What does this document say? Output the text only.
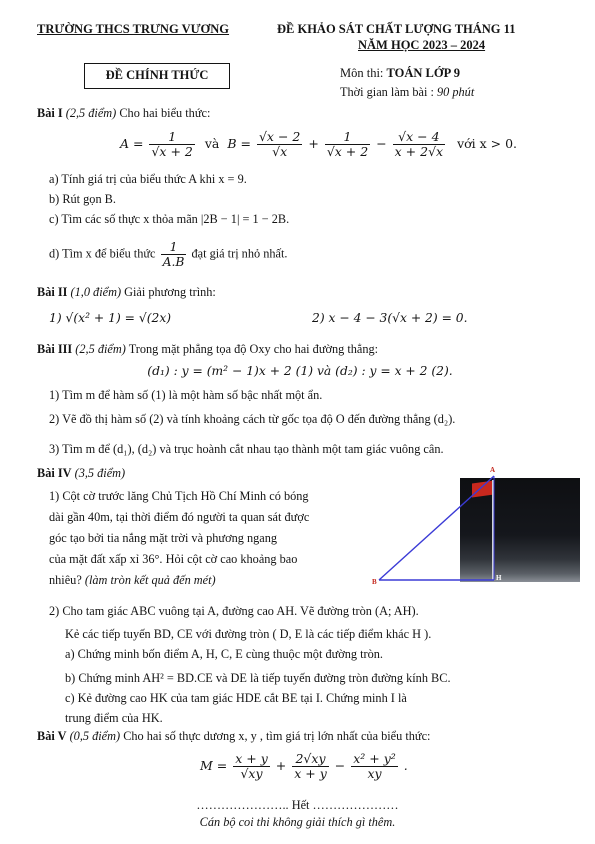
TRƯỜNG THCS TRƯNG VƯƠNG	ĐỀ KHẢO SÁT CHẤT LƯỢNG THÁNG 11
NĂM HỌC 2023 – 2024
ĐỀ CHÍNH THỨC	Môn thi: TOÁN LỚP 9
Thời gian làm bài : 90 phút
Bài I (2,5 điểm) Cho hai biểu thức:
$A = \frac{1}{√x + 2}$ và $B = \frac{√x - 2}{√x} + \frac{1}{√x + 2} - \frac{√x - 4}{x + 2√x}$ với x > 0.
a) Tính giá trị của biểu thức A khi x = 9.
b) Rút gọn B.
c) Tìm các số thực x thỏa mãn |2B − 1| = 1 − 2B.
d) Tìm x để biểu thức $\frac{1}{A.B}$ đạt giá trị nhỏ nhất.
Bài II (1,0 điểm) Giải phương trình:
1) √(x² + 1) = √(2x)	2) x − 4 − 3(√x + 2) = 0.
Bài III (2,5 điểm) Trong mặt phẳng tọa độ Oxy cho hai đường thẳng:
(d₁) : y = (m² − 1)x + 2 (1) và (d₂) : y = x + 2 (2).
1) Tìm m để hàm số (1) là một hàm số bậc nhất một ẩn.
2) Vẽ đồ thị hàm số (2) và tính khoảng cách từ gốc tọa độ O đến đường thẳng (d₂).
3) Tìm m để (d₁), (d₂) và trục hoành cắt nhau tạo thành một tam giác vuông cân.
Bài IV (3,5 điểm)
1) Cột cờ trước lăng Chủ Tịch Hồ Chí Minh có bóng
dài gần 40m, tại thời điểm đó người ta quan sát được
góc tạo bởi tia nắng mặt trời và phương ngang
của mặt đất xấp xỉ 36°. Hỏi cột cờ cao khoảng bao
nhiêu? (làm tròn kết quả đến mét)
A
B	H
2) Cho tam giác ABC vuông tại A, đường cao AH. Vẽ đường tròn (A; AH).
Kẻ các tiếp tuyến BD, CE với đường tròn ( D, E là các tiếp điểm khác H ).
a) Chứng minh bốn điểm A, H, C, E cùng thuộc một đường tròn.
b) Chứng minh AH² = BD.CE và DE là tiếp tuyến đường tròn đường kính BC.
c) Kẻ đường cao HK của tam giác HDE cắt BE tại I. Chứng minh I là
trung điểm của HK.
Bài V (0,5 điểm) Cho hai số thực dương x, y , tìm giá trị lớn nhất của biểu thức:
$M = \frac{x + y}{√xy} + \frac{2√xy}{x + y} - \frac{\text{x² + y²}}{xy}$ .
………………….. Hết …………………
Cán bộ coi thi không giải thích gì thêm.
